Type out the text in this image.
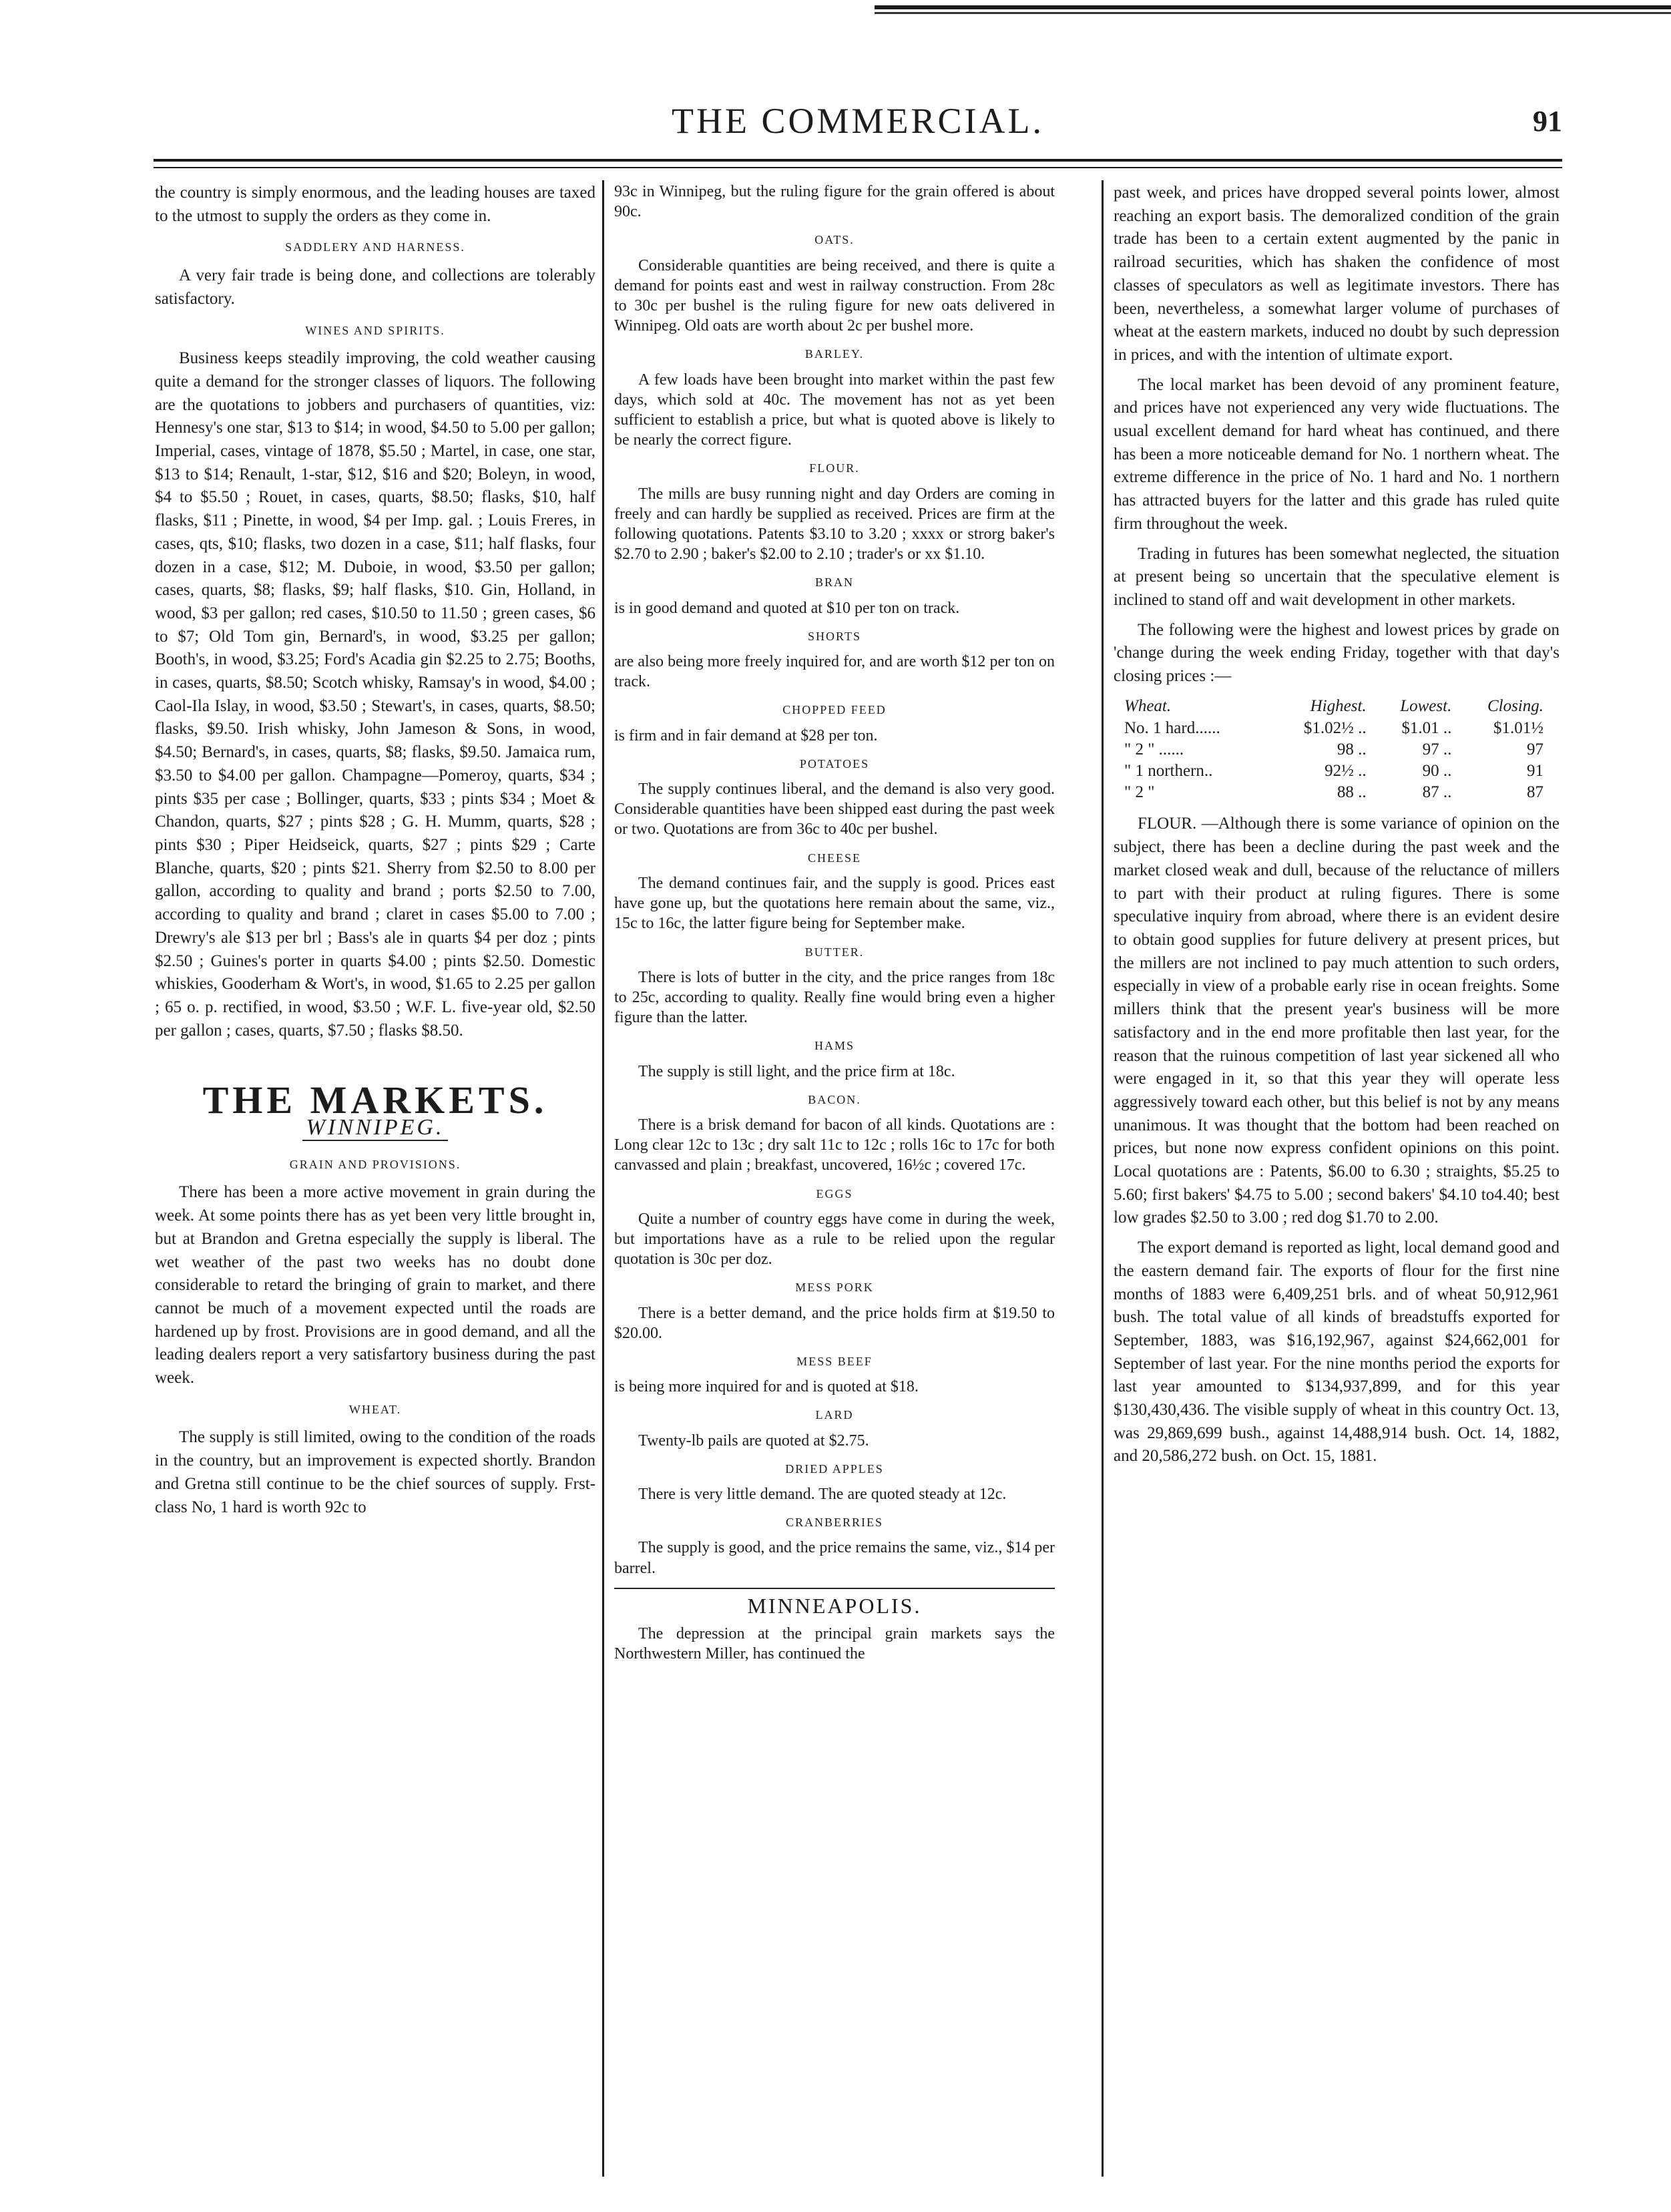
THE COMMERCIAL.	91

the country is simply enormous, and the leading houses are taxed to the utmost to supply the orders as they come in.

SADDLERY AND HARNESS.

A very fair trade is being done, and collections are tolerably satisfactory.

WINES AND SPIRITS.

Business keeps steadily improving, the cold weather causing quite a demand for the stronger classes of liquors. The following are the quotations to jobbers and purchasers of quantities, viz: Hennesy's one star, $13 to $14; in wood, $4.50 to 5.00 per gallon; Imperial, cases, vintage of 1878, $5.50 ; Martel, in case, one star, $13 to $14; Renault, 1-star, $12, $16 and $20; Boleyn, in wood, $4 to $5.50 ; Rouet, in cases, quarts, $8.50; flasks, $10, half flasks, $11 ; Pinette, in wood, $4 per Imp. gal. ; Louis Freres, in cases, qts, $10; flasks, two dozen in a case, $11; half flasks, four dozen in a case, $12; M. Duboie, in wood, $3.50 per gallon; cases, quarts, $8; flasks, $9; half flasks, $10. Gin, Holland, in wood, $3 per gallon; red cases, $10.50 to 11.50 ; green cases, $6 to $7; Old Tom gin, Bernard's, in wood, $3.25 per gallon; Booth's, in wood, $3.25; Ford's Acadia gin $2.25 to 2.75; Booths, in cases, quarts, $8.50; Scotch whisky, Ramsay's in wood, $4.00 ; Caol-Ila Islay, in wood, $3.50 ; Stewart's, in cases, quarts, $8.50; flasks, $9.50. Irish whisky, John Jameson & Sons, in wood, $4.50; Bernard's, in cases, quarts, $8; flasks, $9.50. Jamaica rum, $3.50 to $4.00 per gallon. Champagne—Pomeroy, quarts, $34 ; pints $35 per case ; Bollinger, quarts, $33 ; pints $34 ; Moet & Chandon, quarts, $27 ; pints $28 ; G. H. Mumm, quarts, $28 ; pints $30 ; Piper Heidseick, quarts, $27 ; pints $29 ; Carte Blanche, quarts, $20 ; pints $21. Sherry from $2.50 to 8.00 per gallon, according to quality and brand ; ports $2.50 to 7.00, according to quality and brand ; claret in cases $5.00 to 7.00 ; Drewry's ale $13 per brl ; Bass's ale in quarts $4 per doz ; pints $2.50 ; Guines's porter in quarts $4.00 ; pints $2.50. Domestic whiskies, Gooderham & Wort's, in wood, $1.65 to 2.25 per gallon ; 65 o. p. rectified, in wood, $3.50 ; W.F. L. five-year old, $2.50 per gallon ; cases, quarts, $7.50 ; flasks $8.50.

THE MARKETS.
WINNIPEG.
GRAIN AND PROVISIONS.

There has been a more active movement in grain during the week. At some points there has as yet been very little brought in, but at Brandon and Gretna especially the supply is liberal. The wet weather of the past two weeks has no doubt done considerable to retard the bringing of grain to market, and there cannot be much of a movement expected until the roads are hardened up by frost. Provisions are in good demand, and all the leading dealers report a very satisfartory business during the past week.

WHEAT.

The supply is still limited, owing to the condition of the roads in the country, but an improvement is expected shortly. Brandon and Gretna still continue to be the chief sources of supply. Frst-class No, 1 hard is worth 92c to

93c in Winnipeg, but the ruling figure for the grain offered is about 90c.

OATS.

Considerable quantities are being received, and there is quite a demand for points east and west in railway construction. From 28c to 30c per bushel is the ruling figure for new oats delivered in Winnipeg. Old oats are worth about 2c per bushel more.

BARLEY.

A few loads have been brought into market within the past few days, which sold at 40c. The movement has not as yet been sufficient to establish a price, but what is quoted above is likely to be nearly the correct figure.

FLOUR.

The mills are busy running night and day Orders are coming in freely and can hardly be supplied as received. Prices are firm at the following quotations. Patents $3.10 to 3.20 ; xxxx or strorg baker's $2.70 to 2.90 ; baker's $2.00 to 2.10 ; trader's or xx $1.10.

BRAN

is in good demand and quoted at $10 per ton on track.

SHORTS

are also being more freely inquired for, and are worth $12 per ton on track.

CHOPPED FEED

is firm and in fair demand at $28 per ton.

POTATOES

The supply continues liberal, and the demand is also very good. Considerable quantities have been shipped east during the past week or two. Quotations are from 36c to 40c per bushel.

CHEESE

The demand continues fair, and the supply is good. Prices east have gone up, but the quotations here remain about the same, viz., 15c to 16c, the latter figure being for September make.

BUTTER.

There is lots of butter in the city, and the price ranges from 18c to 25c, according to quality. Really fine would bring even a higher figure than the latter.

HAMS

The supply is still light, and the price firm at 18c.

BACON.

There is a brisk demand for bacon of all kinds. Quotations are : Long clear 12c to 13c ; dry salt 11c to 12c ; rolls 16c to 17c for both canvassed and plain ; breakfast, uncovered, 16½c ; covered 17c.

EGGS

Quite a number of country eggs have come in during the week, but importations have as a rule to be relied upon the regular quotation is 30c per doz.

MESS PORK

There is a better demand, and the price holds firm at $19.50 to $20.00.

MESS BEEF

is being more inquired for and is quoted at $18.

LARD

Twenty-lb pails are quoted at $2.75.

DRIED APPLES

There is very little demand. The are quoted steady at 12c.

CRANBERRIES

The supply is good, and the price remains the same, viz., $14 per barrel.

MINNEAPOLIS.

The depression at the principal grain markets says the Northwestern Miller, has continued the

past week, and prices have dropped several points lower, almost reaching an export basis. The demoralized condition of the grain trade has been to a certain extent augmented by the panic in railroad securities, which has shaken the confidence of most classes of speculators as well as legitimate investors. There has been, nevertheless, a somewhat larger volume of purchases of wheat at the eastern markets, induced no doubt by such depression in prices, and with the intention of ultimate export.

The local market has been devoid of any prominent feature, and prices have not experienced any very wide fluctuations. The usual excellent demand for hard wheat has continued, and there has been a more noticeable demand for No. 1 northern wheat. The extreme difference in the price of No. 1 hard and No. 1 northern has attracted buyers for the latter and this grade has ruled quite firm throughout the week.

Trading in futures has been somewhat neglected, the situation at present being so uncertain that the speculative element is inclined to stand off and wait development in other markets.

The following were the highest and lowest prices by grade on 'change during the week ending Friday, together with that day's closing prices :—

Wheat.	Highest.	Lowest.	Closing.
No. 1 hard......	$1.02½ ..	$1.01 ..	$1.01½
" 2 " ......	98 ..	97 ..	97
" 1 northern..	92½ ..	90 ..	91
" 2 "	88 ..	87 ..	87

FLOUR. —Although there is some variance of opinion on the subject, there has been a decline during the past week and the market closed weak and dull, because of the reluctance of millers to part with their product at ruling figures. There is some speculative inquiry from abroad, where there is an evident desire to obtain good supplies for future delivery at present prices, but the millers are not inclined to pay much attention to such orders, especially in view of a probable early rise in ocean freights. Some millers think that the present year's business will be more satisfactory and in the end more profitable then last year, for the reason that the ruinous competition of last year sickened all who were engaged in it, so that this year they will operate less aggressively toward each other, but this belief is not by any means unanimous. It was thought that the bottom had been reached on prices, but none now express confident opinions on this point. Local quotations are : Patents, $6.00 to 6.30 ; straights, $5.25 to 5.60; first bakers' $4.75 to 5.00 ; second bakers' $4.10 to4.40; best low grades $2.50 to 3.00 ; red dog $1.70 to 2.00.

The export demand is reported as light, local demand good and the eastern demand fair. The exports of flour for the first nine months of 1883 were 6,409,251 brls. and of wheat 50,912,961 bush. The total value of all kinds of breadstuffs exported for September, 1883, was $16,192,967, against $24,662,001 for September of last year. For the nine months period the exports for last year amounted to $134,937,899, and for this year $130,430,436. The visible supply of wheat in this country Oct. 13, was 29,869,699 bush., against 14,488,914 bush. Oct. 14, 1882, and 20,586,272 bush. on Oct. 15, 1881.
